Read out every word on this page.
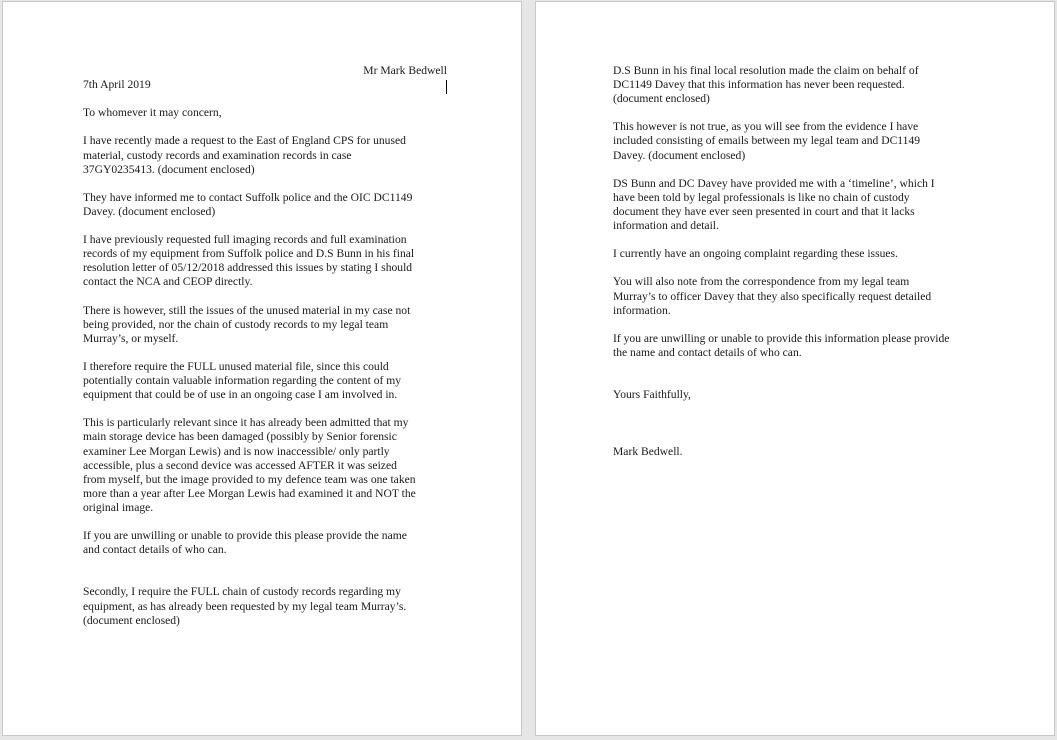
Mr Mark Bedwell

7th April 2019

To whomever it may concern,

I have recently made a request to the East of England CPS for unused

material, custody records and examination records in case

37GY0235413. (document enclosed)

They have informed me to contact Suffolk police and the OIC DC1149

Davey. (document enclosed)

I have previously requested full imaging records and full examination

records of my equipment from Suffolk police and D.S Bunn in his final

resolution letter of 05/12/2018 addressed this issues by stating I should

contact the NCA and CEOP directly.

There is however, still the issues of the unused material in my case not

being provided, nor the chain of custody records to my legal team

Murray’s, or myself.

I therefore require the FULL unused material file, since this could

potentially contain valuable information regarding the content of my

equipment that could be of use in an ongoing case I am involved in.

This is particularly relevant since it has already been admitted that my

main storage device has been damaged (possibly by Senior forensic

examiner Lee Morgan Lewis) and is now inaccessible/ only partly

accessible, plus a second device was accessed AFTER it was seized

from myself, but the image provided to my defence team was one taken

more than a year after Lee Morgan Lewis had examined it and NOT the

original image.

If you are unwilling or unable to provide this please provide the name

and contact details of who can.

Secondly, I require the FULL chain of custody records regarding my

equipment, as has already been requested by my legal team Murray’s.

(document enclosed)

D.S Bunn in his final local resolution made the claim on behalf of

DC1149 Davey that this information has never been requested.

(document enclosed)

This however is not true, as you will see from the evidence I have

included consisting of emails between my legal team and DC1149

Davey. (document enclosed)

DS Bunn and DC Davey have provided me with a ‘timeline’, which I

have been told by legal professionals is like no chain of custody

document they have ever seen presented in court and that it lacks

information and detail.

I currently have an ongoing complaint regarding these issues.

You will also note from the correspondence from my legal team

Murray’s to officer Davey that they also specifically request detailed

information.

If you are unwilling or unable to provide this information please provide

the name and contact details of who can.

Yours Faithfully,

Mark Bedwell.
